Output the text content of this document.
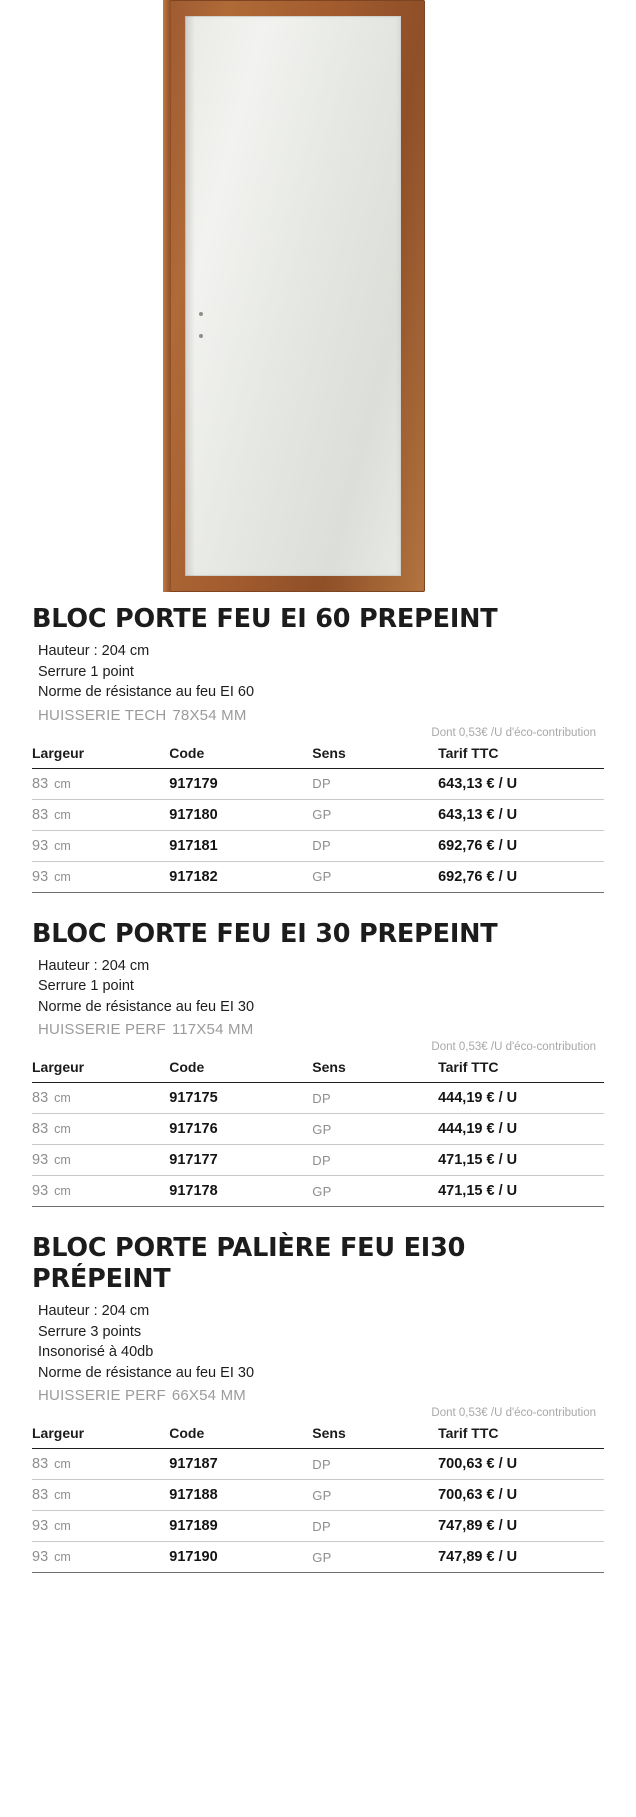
BLOC PORTE FEU EI 60 PREPEINT
Hauteur : 204 cm
Serrure 1 point
Norme de résistance au feu EI 60
HUISSERIE TECH 78X54 MM
Dont 0,53€ /U d'éco-contribution
Largeur	Code	Sens	Tarif TTC
83 cm	917179	DP	643,13 € / U
83 cm	917180	GP	643,13 € / U
93 cm	917181	DP	692,76 € / U
93 cm	917182	GP	692,76 € / U
BLOC PORTE FEU EI 30 PREPEINT
Hauteur : 204 cm
Serrure 1 point
Norme de résistance au feu EI 30
HUISSERIE PERF 117X54 MM
Dont 0,53€ /U d'éco-contribution
Largeur	Code	Sens	Tarif TTC
83 cm	917175	DP	444,19 € / U
83 cm	917176	GP	444,19 € / U
93 cm	917177	DP	471,15 € / U
93 cm	917178	GP	471,15 € / U
BLOC PORTE PALIÈRE FEU EI30 PRÉPEINT
Hauteur : 204 cm
Serrure 3 points
Insonorisé à 40db
Norme de résistance au feu EI 30
HUISSERIE PERF 66X54 MM
Dont 0,53€ /U d'éco-contribution
Largeur	Code	Sens	Tarif TTC
83 cm	917187	DP	700,63 € / U
83 cm	917188	GP	700,63 € / U
93 cm	917189	DP	747,89 € / U
93 cm	917190	GP	747,89 € / U
